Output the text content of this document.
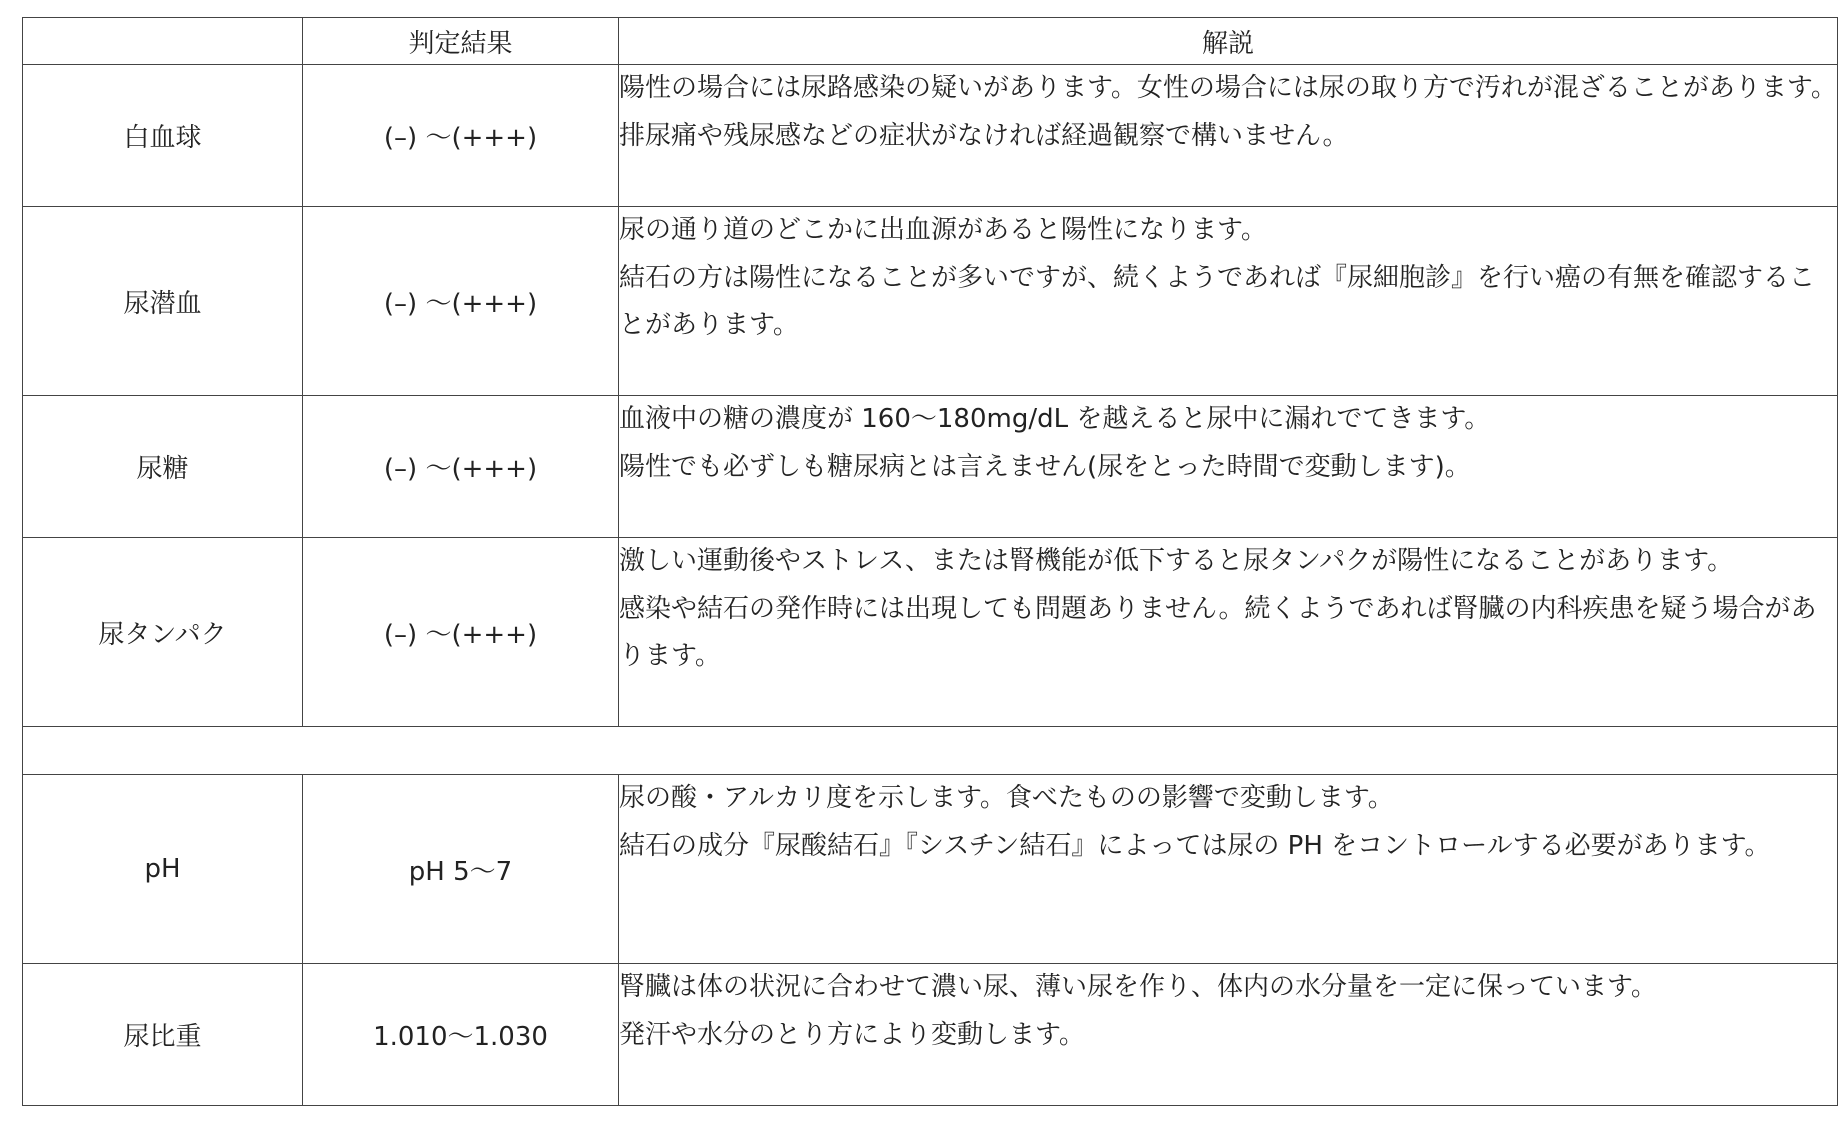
	判定結果	解説
白血球	(–) 〜(+++)	陽性の場合には尿路感染の疑いがあります。女性の場合には尿の取り方で汚れが混ざることがあります。排尿痛や残尿感などの症状がなければ経過観察で構いません。

尿潜血	(–) 〜(+++)	尿の通り道のどこかに出血源があると陽性になります。
結石の方は陽性になることが多いですが、続くようであれば『尿細胞診』を行い癌の有無を確認することがあります。

尿糖	(–) 〜(+++)	血液中の糖の濃度が 160〜180mg/dL を越えると尿中に漏れでてきます。
陽性でも必ずしも糖尿病とは言えません(尿をとった時間で変動します)。

尿タンパク	(–) 〜(+++)	激しい運動後やストレス、または腎機能が低下すると尿タンパクが陽性になることがあります。
感染や結石の発作時には出現しても問題ありません。続くようであれば腎臓の内科疾患を疑う場合があります。

pH	pH 5〜7	尿の酸・アルカリ度を示します。食べたものの影響で変動します。
結石の成分『尿酸結石』『シスチン結石』によっては尿の PH をコントロールする必要があります。

尿比重	1.010〜1.030	腎臓は体の状況に合わせて濃い尿、薄い尿を作り、体内の水分量を一定に保っています。
発汗や水分のとり方により変動します。
